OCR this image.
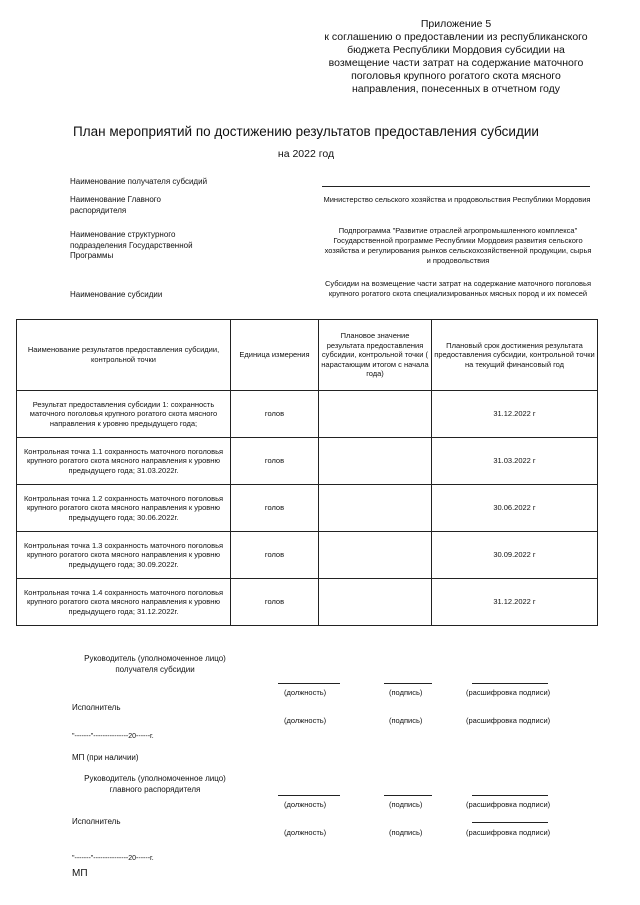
Приложение 5
к соглашению о предоставлении из республиканского
бюджета Республики Мордовия субсидии на
возмещение части затрат на содержание маточного
поголовья крупного рогатого скота мясного
направления, понесенных в отчетном году
План мероприятий по достижению результатов предоставления субсидии
на 2022 год
Наименование получателя субсидий
Наименование Главного распорядителя
Министерство сельского хозяйства и продовольствия Республики Мордовия
Наименование структурного подразделения Государственной Программы
Подпрограмма "Развитие отраслей агропромышленного комплекса" Государственной программе Республики Мордовия развития сельского хозяйства и регулирования рынков сельскохозяйственной продукции, сырья и продовольствия
Наименование субсидии
Субсидии на возмещение части затрат на содержание маточного поголовья крупного рогатого скота специализированных мясных пород и их помесей
Наименование результатов предоставления субсидии, контрольной точки	Единица измерения	Плановое значение результата предоставления субсидии, контрольной точки ( нарастающим итогом с начала года)	Плановый срок достижения результата предоставления субсидии, контрольной точки на текущий финансовый год
Результат предоставления субсидии 1: сохранность маточного поголовья крупного рогатого скота мясного направления к уровню предыдущего года;	голов		31.12.2022 г
Контрольная точка 1.1 сохранность маточного поголовья крупного рогатого скота мясного направления к уровню предыдущего года; 31.03.2022г.	голов		31.03.2022 г
Контрольная точка 1.2 сохранность маточного поголовья крупного рогатого скота мясного направления к уровню предыдущего года; 30.06.2022г.	голов		30.06.2022 г
Контрольная точка 1.3 сохранность маточного поголовья крупного рогатого скота мясного направления к уровню предыдущего года; 30.09.2022г.	голов		30.09.2022 г
Контрольная точка 1.4 сохранность маточного поголовья крупного рогатого скота мясного направления к уровню предыдущего года; 31.12.2022г.	голов		31.12.2022 г
Руководитель (уполномоченное лицо) получателя субсидии
(должность)	(подпись)	(расшифровка подписи)
Исполнитель
(должность)	(подпись)	(расшифровка подписи)
"-------"---------------20------г.
МП (при наличии)
Руководитель (уполномоченное лицо) главного распорядителя
(должность)	(подпись)	(расшифровка подписи)
Исполнитель
(должность)	(подпись)	(расшифровка подписи)
"-------"---------------20------г.
МП
